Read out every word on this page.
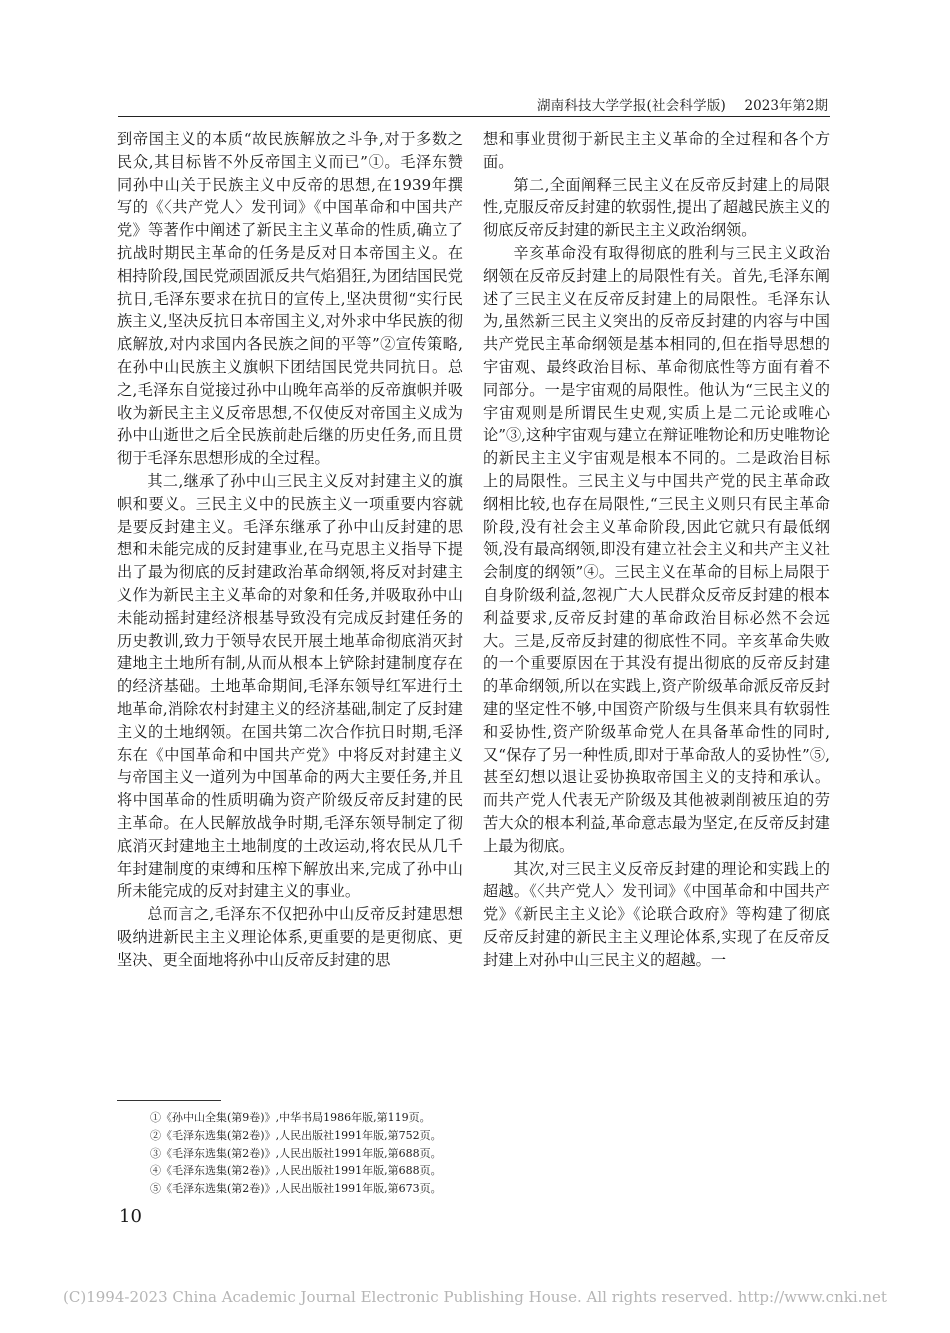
湖南科技大学学报(社会科学版) 2023年第2期

到帝国主义的本质“故民族解放之斗争,对于多数之民众,其目标皆不外反帝国主义而已”①。毛泽东赞同孙中山关于民族主义中反帝的思想,在1939年撰写的《〈共产党人〉发刊词》《中国革命和中国共产党》等著作中阐述了新民主主义革命的性质,确立了抗战时期民主革命的任务是反对日本帝国主义。在相持阶段,国民党顽固派反共气焰猖狂,为团结国民党抗日,毛泽东要求在抗日的宣传上,坚决贯彻“实行民族主义,坚决反抗日本帝国主义,对外求中华民族的彻底解放,对内求国内各民族之间的平等”②宣传策略,在孙中山民族主义旗帜下团结国民党共同抗日。总之,毛泽东自觉接过孙中山晚年高举的反帝旗帜并吸收为新民主主义反帝思想,不仅使反对帝国主义成为孙中山逝世之后全民族前赴后继的历史任务,而且贯彻于毛泽东思想形成的全过程。

其二,继承了孙中山三民主义反对封建主义的旗帜和要义。三民主义中的民族主义一项重要内容就是要反封建主义。毛泽东继承了孙中山反封建的思想和未能完成的反封建事业,在马克思主义指导下提出了最为彻底的反封建政治革命纲领,将反对封建主义作为新民主主义革命的对象和任务,并吸取孙中山未能动摇封建经济根基导致没有完成反封建任务的历史教训,致力于领导农民开展土地革命彻底消灭封建地主土地所有制,从而从根本上铲除封建制度存在的经济基础。土地革命期间,毛泽东领导红军进行土地革命,消除农村封建主义的经济基础,制定了反封建主义的土地纲领。在国共第二次合作抗日时期,毛泽东在《中国革命和中国共产党》中将反对封建主义与帝国主义一道列为中国革命的两大主要任务,并且将中国革命的性质明确为资产阶级反帝反封建的民主革命。在人民解放战争时期,毛泽东领导制定了彻底消灭封建地主土地制度的土改运动,将农民从几千年封建制度的束缚和压榨下解放出来,完成了孙中山所未能完成的反对封建主义的事业。

总而言之,毛泽东不仅把孙中山反帝反封建思想吸纳进新民主主义理论体系,更重要的是更彻底、更坚决、更全面地将孙中山反帝反封建的思

想和事业贯彻于新民主主义革命的全过程和各个方面。

第二,全面阐释三民主义在反帝反封建上的局限性,克服反帝反封建的软弱性,提出了超越民族主义的彻底反帝反封建的新民主主义政治纲领。

辛亥革命没有取得彻底的胜利与三民主义政治纲领在反帝反封建上的局限性有关。首先,毛泽东阐述了三民主义在反帝反封建上的局限性。毛泽东认为,虽然新三民主义突出的反帝反封建的内容与中国共产党民主革命纲领是基本相同的,但在指导思想的宇宙观、最终政治目标、革命彻底性等方面有着不同部分。一是宇宙观的局限性。他认为“三民主义的宇宙观则是所谓民生史观,实质上是二元论或唯心论”③,这种宇宙观与建立在辩证唯物论和历史唯物论的新民主主义宇宙观是根本不同的。二是政治目标上的局限性。三民主义与中国共产党的民主革命政纲相比较,也存在局限性,“三民主义则只有民主革命阶段,没有社会主义革命阶段,因此它就只有最低纲领,没有最高纲领,即没有建立社会主义和共产主义社会制度的纲领”④。三民主义在革命的目标上局限于自身阶级利益,忽视广大人民群众反帝反封建的根本利益要求,反帝反封建的革命政治目标必然不会远大。三是,反帝反封建的彻底性不同。辛亥革命失败的一个重要原因在于其没有提出彻底的反帝反封建的革命纲领,所以在实践上,资产阶级革命派反帝反封建的坚定性不够,中国资产阶级与生俱来具有软弱性和妥协性,资产阶级革命党人在具备革命性的同时,又“保存了另一种性质,即对于革命敌人的妥协性”⑤,甚至幻想以退让妥协换取帝国主义的支持和承认。而共产党人代表无产阶级及其他被剥削被压迫的劳苦大众的根本利益,革命意志最为坚定,在反帝反封建上最为彻底。

其次,对三民主义反帝反封建的理论和实践上的超越。《〈共产党人〉发刊词》《中国革命和中国共产党》《新民主主义论》《论联合政府》等构建了彻底反帝反封建的新民主主义理论体系,实现了在反帝反封建上对孙中山三民主义的超越。一

①《孙中山全集(第9卷)》,中华书局1986年版,第119页。
②《毛泽东选集(第2卷)》,人民出版社1991年版,第752页。
③《毛泽东选集(第2卷)》,人民出版社1991年版,第688页。
④《毛泽东选集(第2卷)》,人民出版社1991年版,第688页。
⑤《毛泽东选集(第2卷)》,人民出版社1991年版,第673页。
10
(C)1994-2023 China Academic Journal Electronic Publishing House. All rights reserved. http://www.cnki.net
